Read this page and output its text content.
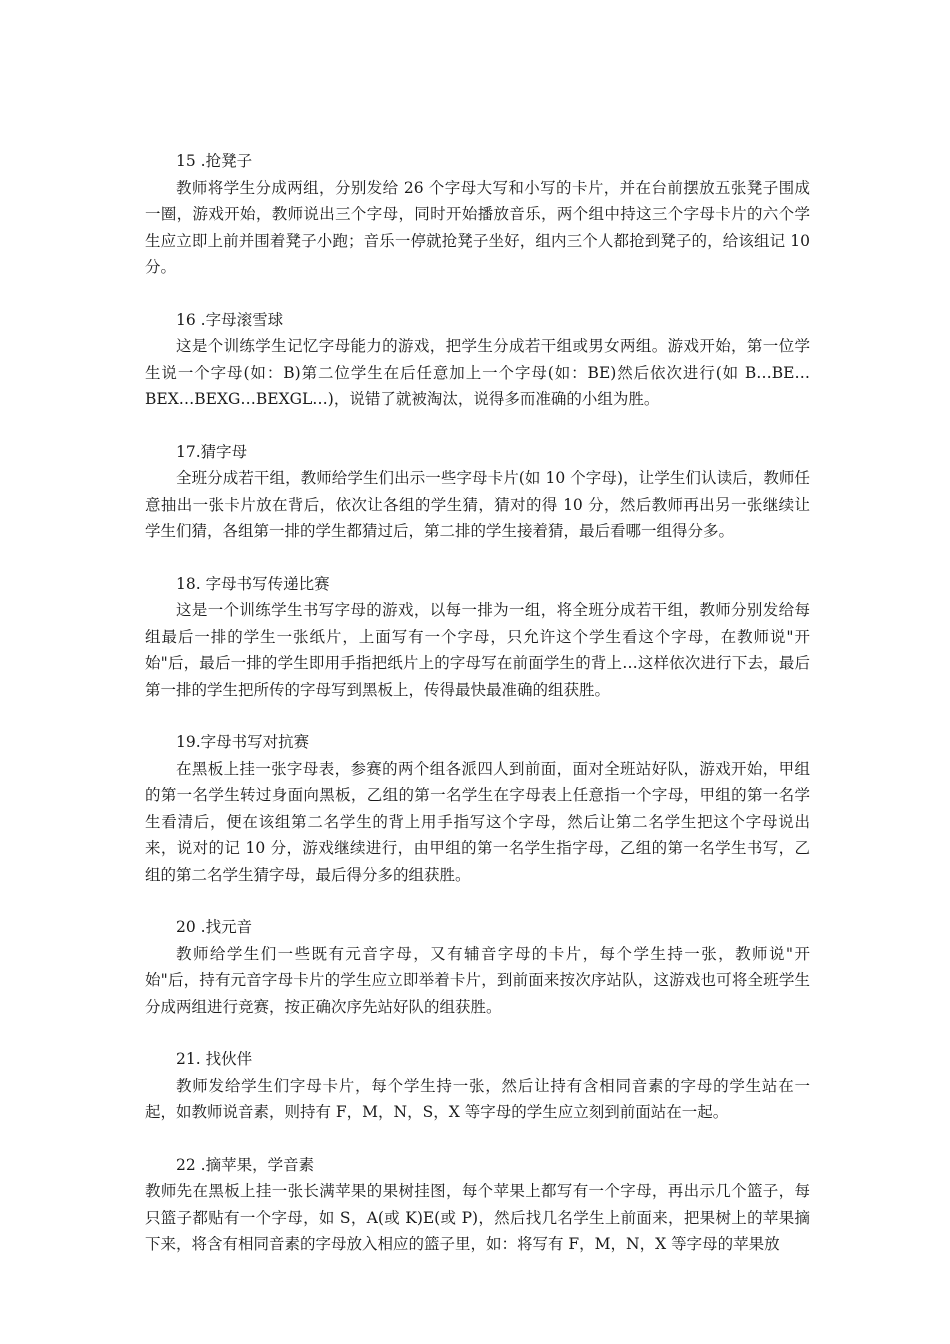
15 .抢凳子

教师将学生分成两组，分别发给 26 个字母大写和小写的卡片，并在台前摆放五张凳子围成一圈，游戏开始，教师说出三个字母，同时开始播放音乐，两个组中持这三个字母卡片的六个学生应立即上前并围着凳子小跑；音乐一停就抢凳子坐好，组内三个人都抢到凳子的，给该组记 10 分。

16 .字母滚雪球

这是个训练学生记忆字母能力的游戏，把学生分成若干组或男女两组。游戏开始，第一位学生说一个字母(如：B)第二位学生在后任意加上一个字母(如：BE)然后依次进行(如 B…BE…BEX…BEXG…BEXGL…)，说错了就被淘汰，说得多而准确的小组为胜。

17.猜字母

全班分成若干组，教师给学生们出示一些字母卡片(如 10 个字母)，让学生们认读后，教师任意抽出一张卡片放在背后，依次让各组的学生猜，猜对的得 10 分，然后教师再出另一张继续让学生们猜，各组第一排的学生都猜过后，第二排的学生接着猜，最后看哪一组得分多。

18. 字母书写传递比赛

这是一个训练学生书写字母的游戏，以每一排为一组，将全班分成若干组，教师分别发给每组最后一排的学生一张纸片，上面写有一个字母，只允许这个学生看这个字母，在教师说"开始"后，最后一排的学生即用手指把纸片上的字母写在前面学生的背上…这样依次进行下去，最后第一排的学生把所传的字母写到黑板上，传得最快最准确的组获胜。

19.字母书写对抗赛

在黑板上挂一张字母表，参赛的两个组各派四人到前面，面对全班站好队，游戏开始，甲组的第一名学生转过身面向黑板，乙组的第一名学生在字母表上任意指一个字母，甲组的第一名学生看清后，便在该组第二名学生的背上用手指写这个字母，然后让第二名学生把这个字母说出来，说对的记 10 分，游戏继续进行，由甲组的第一名学生指字母，乙组的第一名学生书写，乙组的第二名学生猜字母，最后得分多的组获胜。

20 .找元音

教师给学生们一些既有元音字母，又有辅音字母的卡片，每个学生持一张，教师说"开始"后，持有元音字母卡片的学生应立即举着卡片，到前面来按次序站队，这游戏也可将全班学生分成两组进行竞赛，按正确次序先站好队的组获胜。

21. 找伙伴

教师发给学生们字母卡片，每个学生持一张，然后让持有含相同音素的字母的学生站在一起，如教师说音素，则持有 F，M，N，S，X 等字母的学生应立刻到前面站在一起。

22 .摘苹果，学音素

教师先在黑板上挂一张长满苹果的果树挂图，每个苹果上都写有一个字母，再出示几个篮子，每只篮子都贴有一个字母，如 S，A(或 K)E(或 P)，然后找几名学生上前面来，把果树上的苹果摘下来，将含有相同音素的字母放入相应的篮子里，如：将写有 F，M，N，X 等字母的苹果放
